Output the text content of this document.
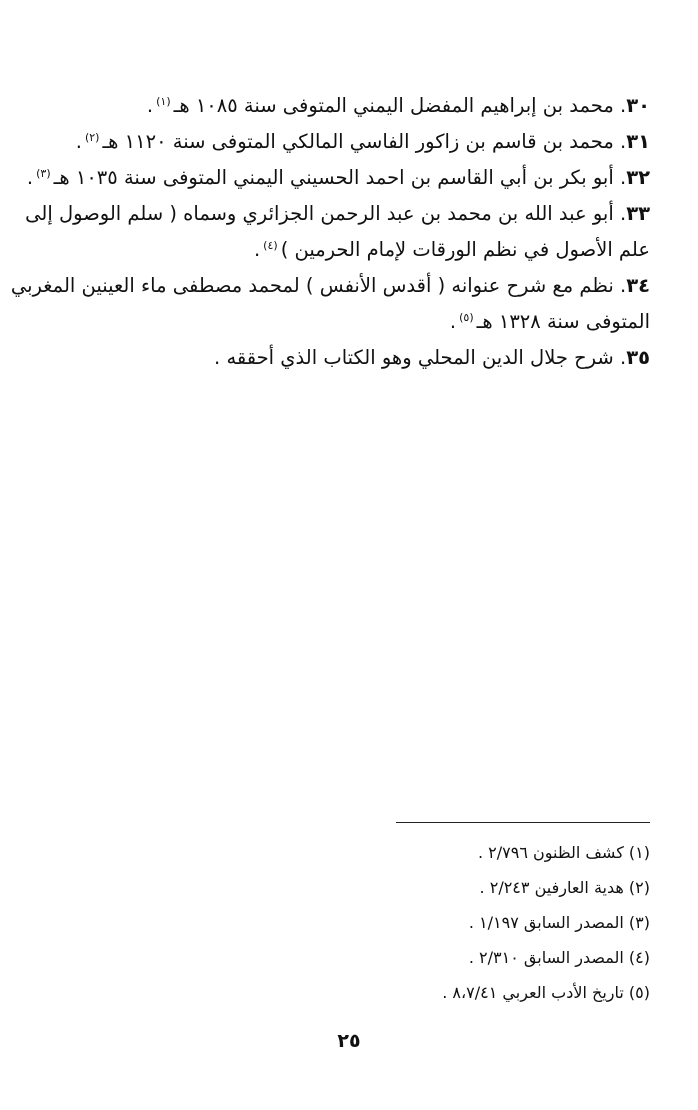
٣٠. محمد بن إبراهيم المفضل اليمني المتوفى سنة ١٠٨٥ هـ$^{(١)}$.

٣١. محمد بن قاسم بن زاكور الفاسي المالكي المتوفى سنة ١١٢٠ هـ$^{(٢)}$.

٣٢. أبو بكر بن أبي القاسم بن احمد الحسيني اليمني المتوفى سنة ١٠٣٥ هـ$^{(٣)}$.

٣٣. أبو عبد الله بن محمد بن عبد الرحمن الجزائري وسماه ( سلم الوصول إلى
علم الأصول في نظم الورقات لإمام الحرمين )$^{(٤)}$.

٣٤. نظم مع شرح عنوانه ( أقدس الأنفس ) لمحمد مصطفى ماء العينين المغربي
المتوفى سنة ١٣٢٨ هـ$^{(٥)}$.

٣٥. شرح جلال الدين المحلي وهو الكتاب الذي أحققه .

(١) كشف الظنون ٢/٧٩٦ .

(٢) هدية العارفين ٢/٢٤٣ .

(٣) المصدر السابق ١/١٩٧ .

(٤) المصدر السابق ٢/٣١٠ .

(٥) تاريخ الأدب العربي ٨،٧/٤١ .

٢٥
